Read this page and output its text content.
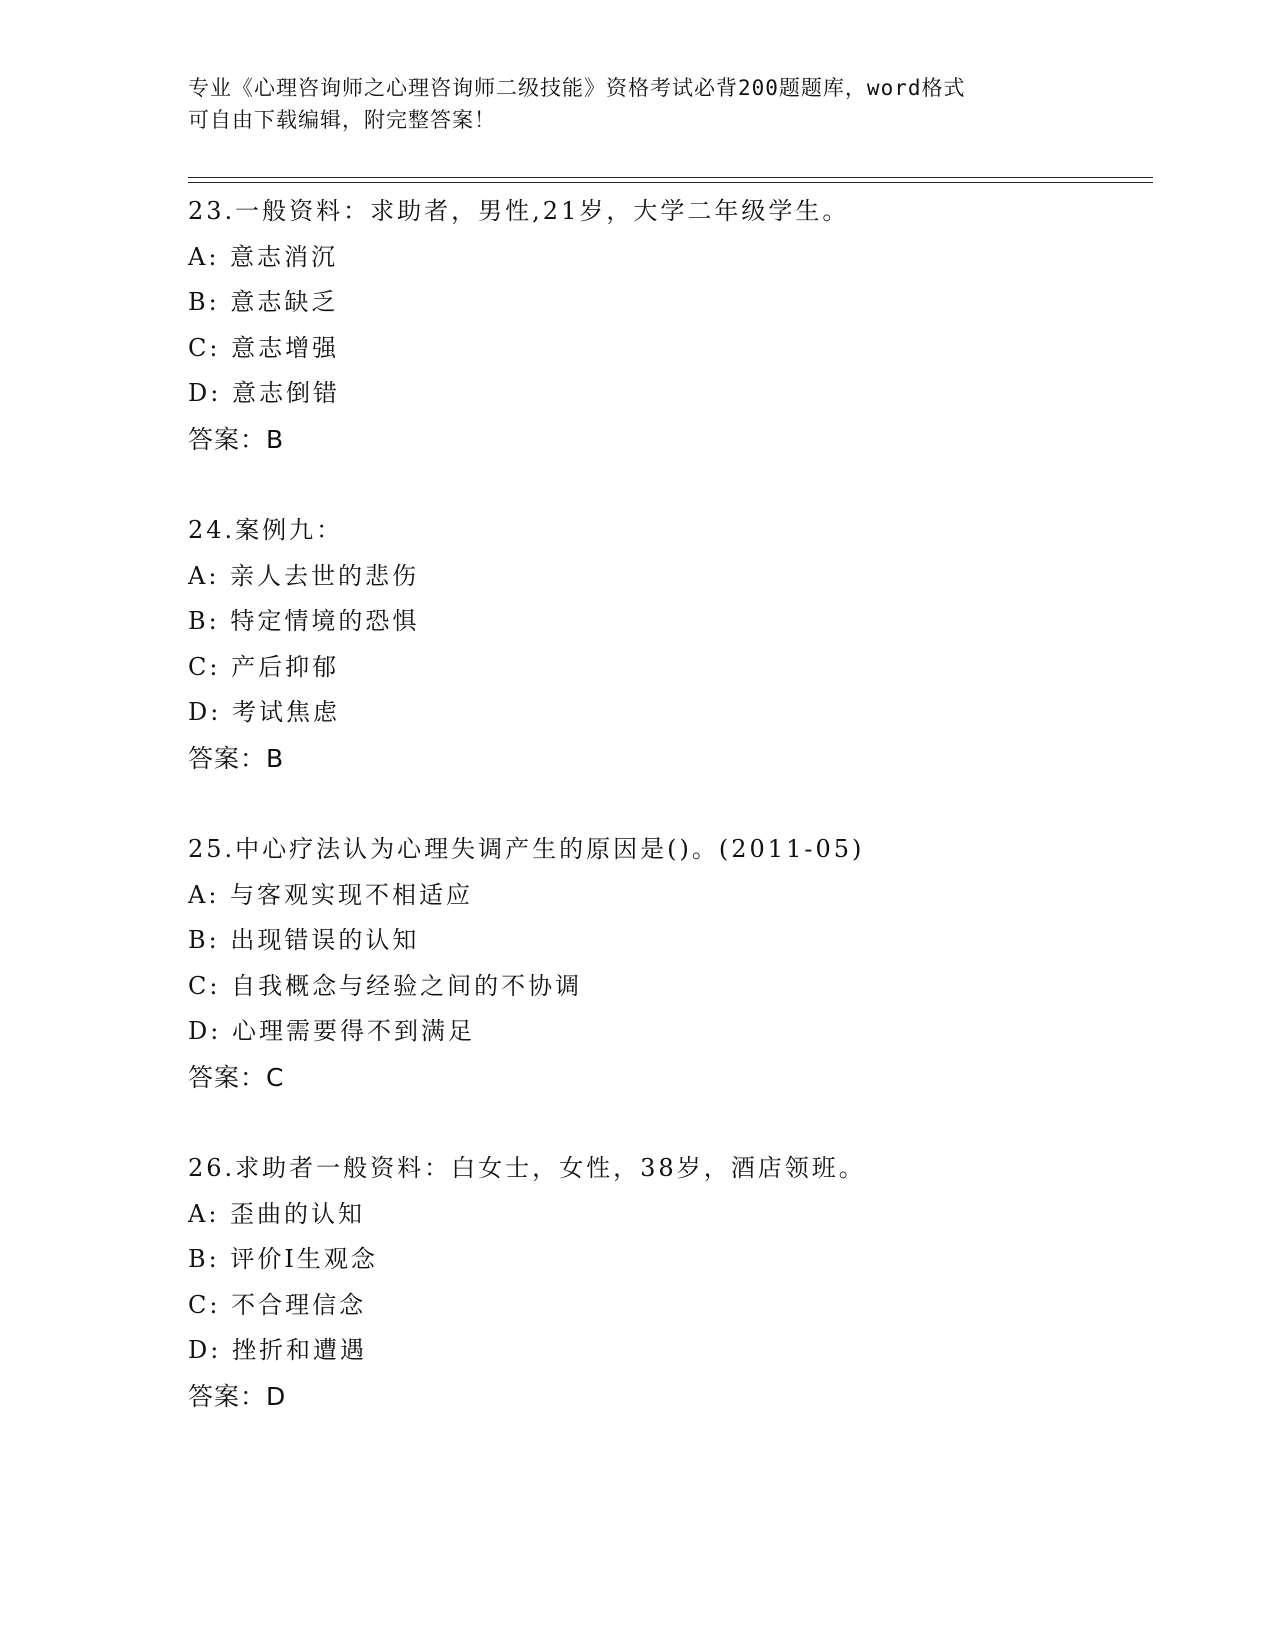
专业《心理咨询师之心理咨询师二级技能》资格考试必背200题题库，word格式
可自由下载编辑，附完整答案！
23.一般资料：求助者，男性,21岁，大学二年级学生。
A: 意志消沉
B: 意志缺乏
C: 意志增强
D: 意志倒错
答案：B
24.案例九：
A: 亲人去世的悲伤
B: 特定情境的恐惧
C: 产后抑郁
D: 考试焦虑
答案：B
25.中心疗法认为心理失调产生的原因是()。(2011-05)
A: 与客观实现不相适应
B: 出现错误的认知
C: 自我概念与经验之间的不协调
D: 心理需要得不到满足
答案：C
26.求助者一般资料：白女士，女性，38岁，酒店领班。
A: 歪曲的认知
B: 评价I生观念
C: 不合理信念
D: 挫折和遭遇
答案：D
